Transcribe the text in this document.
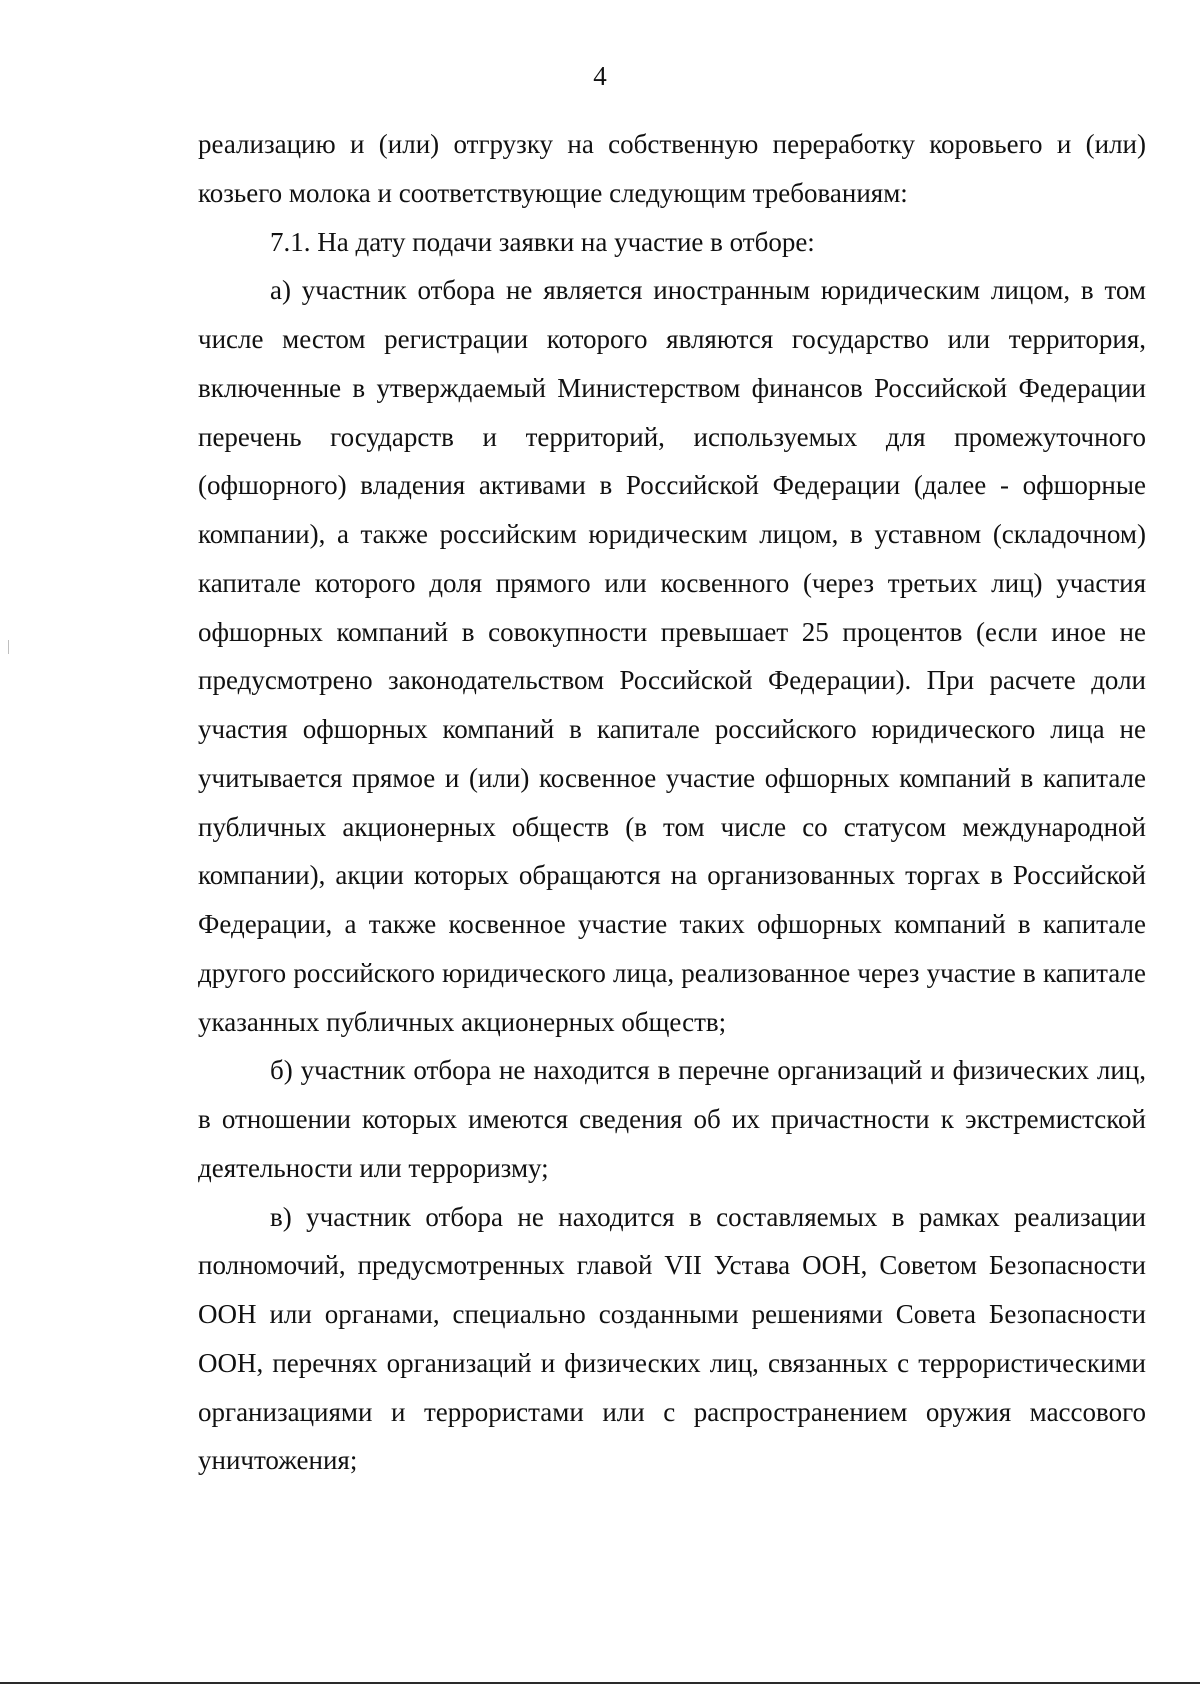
4

реализацию и (или) отгрузку на собственную переработку коровьего и (или) козьего молока и соответствующие следующим требованиям:

7.1. На дату подачи заявки на участие в отборе:

а) участник отбора не является иностранным юридическим лицом, в том числе местом регистрации которого являются государство или территория, включенные в утверждаемый Министерством финансов Российской Федерации перечень государств и территорий, используемых для промежуточного (офшорного) владения активами в Российской Федерации (далее - офшорные компании), а также российским юридическим лицом, в уставном (складочном) капитале которого доля прямого или косвенного (через третьих лиц) участия офшорных компаний в совокупности превышает 25 процентов (если иное не предусмотрено законодательством Российской Федерации). При расчете доли участия офшорных компаний в капитале российского юридического лица не учитывается прямое и (или) косвенное участие офшорных компаний в капитале публичных акционерных обществ (в том числе со статусом международной компании), акции которых обращаются на организованных торгах в Российской Федерации, а также косвенное участие таких офшорных компаний в капитале другого российского юридического лица, реализованное через участие в капитале указанных публичных акционерных обществ;

б) участник отбора не находится в перечне организаций и физических лиц, в отношении которых имеются сведения об их причастности к экстремистской деятельности или терроризму;

в) участник отбора не находится в составляемых в рамках реализации полномочий, предусмотренных главой VII Устава ООН, Советом Безопасности ООН или органами, специально созданными решениями Совета Безопасности ООН, перечнях организаций и физических лиц, связанных с террористическими организациями и террористами или с распространением оружия массового уничтожения;
